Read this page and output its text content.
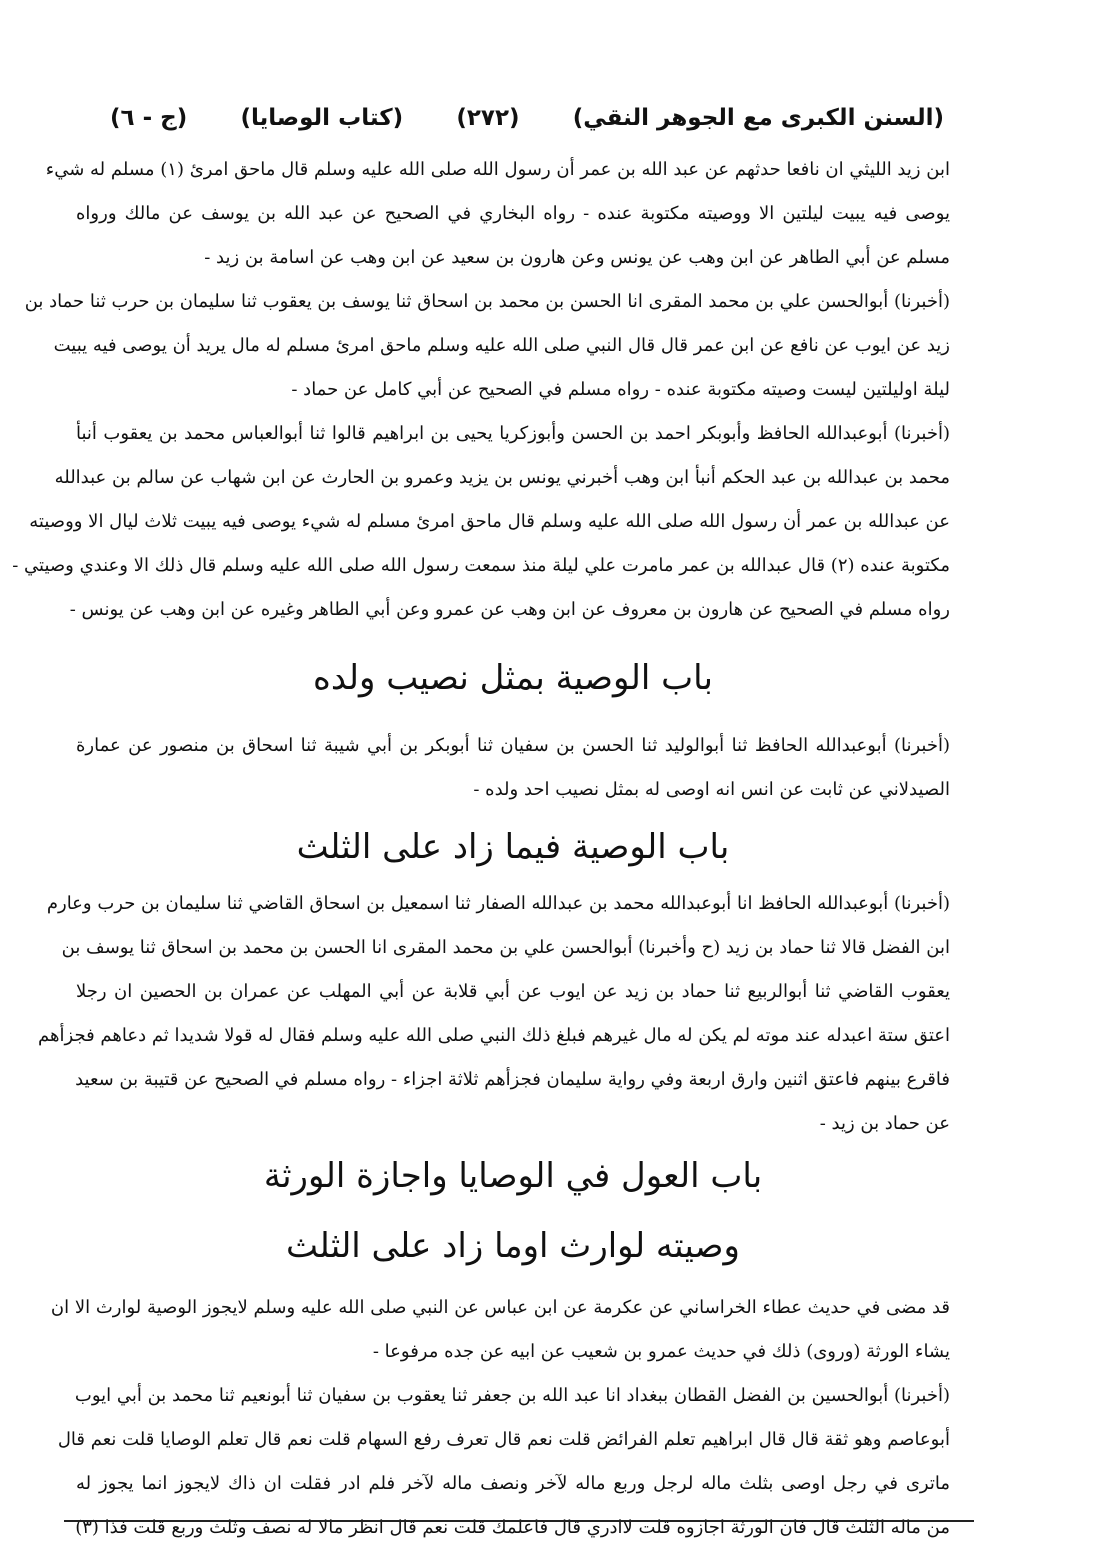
(السنن الكبرى مع الجوهر النقي)
(٢٧٢)
(كتاب الوصايا)
(ج - ٦)
ابن زيد الليثي ان نافعا حدثهم عن عبد الله بن عمر أن رسول الله صلى الله عليه وسلم قال ماحق امرئ (١) مسلم له شيء
يوصى فيه يبيت ليلتين الا ووصيته مكتوبة عنده - رواه البخاري في الصحيح عن عبد الله بن يوسف عن مالك ورواه
مسلم عن أبي الطاهر عن ابن وهب عن يونس وعن هارون بن سعيد عن ابن وهب عن اسامة بن زيد -
(أخبرنا) أبوالحسن علي بن محمد المقرى انا الحسن بن محمد بن اسحاق ثنا يوسف بن يعقوب ثنا سليمان بن حرب ثنا حماد بن
زيد عن ايوب عن نافع عن ابن عمر قال قال النبي صلى الله عليه وسلم ماحق امرئ مسلم له مال يريد أن يوصى فيه يبيت
ليلة اوليلتين ليست وصيته مكتوبة عنده - رواه مسلم في الصحيح عن أبي كامل عن حماد -
(أخبرنا) أبوعبدالله الحافظ وأبوبكر احمد بن الحسن وأبوزكريا يحيى بن ابراهيم قالوا ثنا أبوالعباس محمد بن يعقوب أنبأ
محمد بن عبدالله بن عبد الحكم أنبأ ابن وهب أخبرني يونس بن يزيد وعمرو بن الحارث عن ابن شهاب عن سالم بن عبدالله
عن عبدالله بن عمر أن رسول الله صلى الله عليه وسلم قال ماحق امرئ مسلم له شيء يوصى فيه يبيت ثلاث ليال الا ووصيته
مكتوبة عنده (٢) قال عبدالله بن عمر مامرت علي ليلة منذ سمعت رسول الله صلى الله عليه وسلم قال ذلك الا وعندي وصيتي -
رواه مسلم في الصحيح عن هارون بن معروف عن ابن وهب عن عمرو وعن أبي الطاهر وغيره عن ابن وهب عن يونس -
باب الوصية بمثل نصيب ولده
(أخبرنا) أبوعبدالله الحافظ ثنا أبوالوليد ثنا الحسن بن سفيان ثنا أبوبكر بن أبي شيبة ثنا اسحاق بن منصور عن عمارة
الصيدلاني عن ثابت عن انس انه اوصى له بمثل نصيب احد ولده -
باب الوصية فيما زاد على الثلث
(أخبرنا) أبوعبدالله الحافظ انا أبوعبدالله محمد بن عبدالله الصفار ثنا اسمعيل بن اسحاق القاضي ثنا سليمان بن حرب وعارم
ابن الفضل قالا ثنا حماد بن زيد (ح وأخبرنا) أبوالحسن علي بن محمد المقرى انا الحسن بن محمد بن اسحاق ثنا يوسف بن
يعقوب القاضي ثنا أبوالربيع ثنا حماد بن زيد عن ايوب عن أبي قلابة عن أبي المهلب عن عمران بن الحصين ان رجلا
اعتق ستة اعبدله عند موته لم يكن له مال غيرهم فبلغ ذلك النبي صلى الله عليه وسلم فقال له قولا شديدا ثم دعاهم فجزأهم
فاقرع بينهم فاعتق اثنين وارق اربعة وفي رواية سليمان فجزأهم ثلاثة اجزاء - رواه مسلم في الصحيح عن قتيبة بن سعيد
عن حماد بن زيد -
باب العول في الوصايا واجازة الورثة
وصيته لوارث اوما زاد على الثلث
قد مضى في حديث عطاء الخراساني عن عكرمة عن ابن عباس عن النبي صلى الله عليه وسلم لايجوز الوصية لوارث الا ان
يشاء الورثة (وروى) ذلك في حديث عمرو بن شعيب عن ابيه عن جده مرفوعا -
(أخبرنا) أبوالحسين بن الفضل القطان ببغداد انا عبد الله بن جعفر ثنا يعقوب بن سفيان ثنا أبونعيم ثنا محمد بن أبي ايوب
أبوعاصم وهو ثقة قال قال ابراهيم تعلم الفرائض قلت نعم قال تعرف رفع السهام قلت نعم قال تعلم الوصايا قلت نعم قال
ماترى في رجل اوصى بثلث ماله لرجل وربع ماله لآخر ونصف ماله لآخر فلم ادر فقلت ان ذاك لايجوز انما يجوز له
من ماله الثلث قال فان الورثة اجازوه قلت لاادري قال فاعلمك قلت نعم قال انظر مالا له نصف وثلث وربع قلت فذا (٣)
